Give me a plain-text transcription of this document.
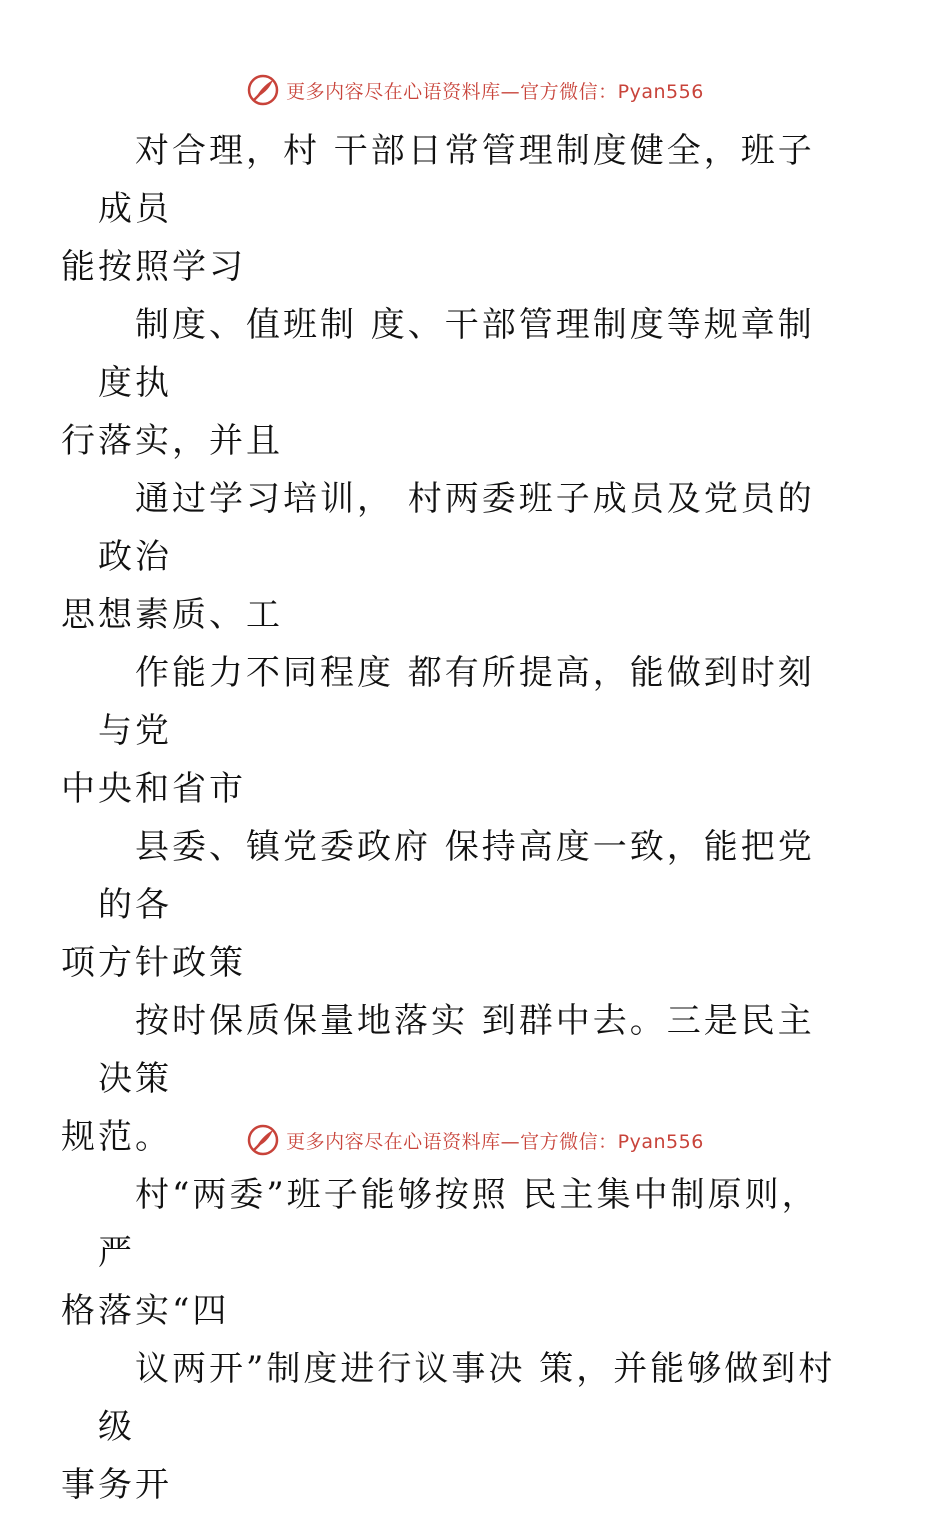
更多内容尽在心语资料库—官方微信：Pyan556

对合理，村 干部日常管理制度健全，班子成员
能按照学习

制度、值班制 度、干部管理制度等规章制度执
行落实，并且

通过学习培训， 村两委班子成员及党员的政治
思想素质、工

作能力不同程度 都有所提高，能做到时刻与党
中央和省市

县委、镇党委政府 保持高度一致，能把党的各
项方针政策

按时保质保量地落实 到群中去。三是民主决策
规范。

村“两委”班子能够按照 民主集中制原则，严
格落实“四

议两开”制度进行议事决 策，并能够做到村级
事务开

更多内容尽在心语资料库—官方微信：Pyan556
